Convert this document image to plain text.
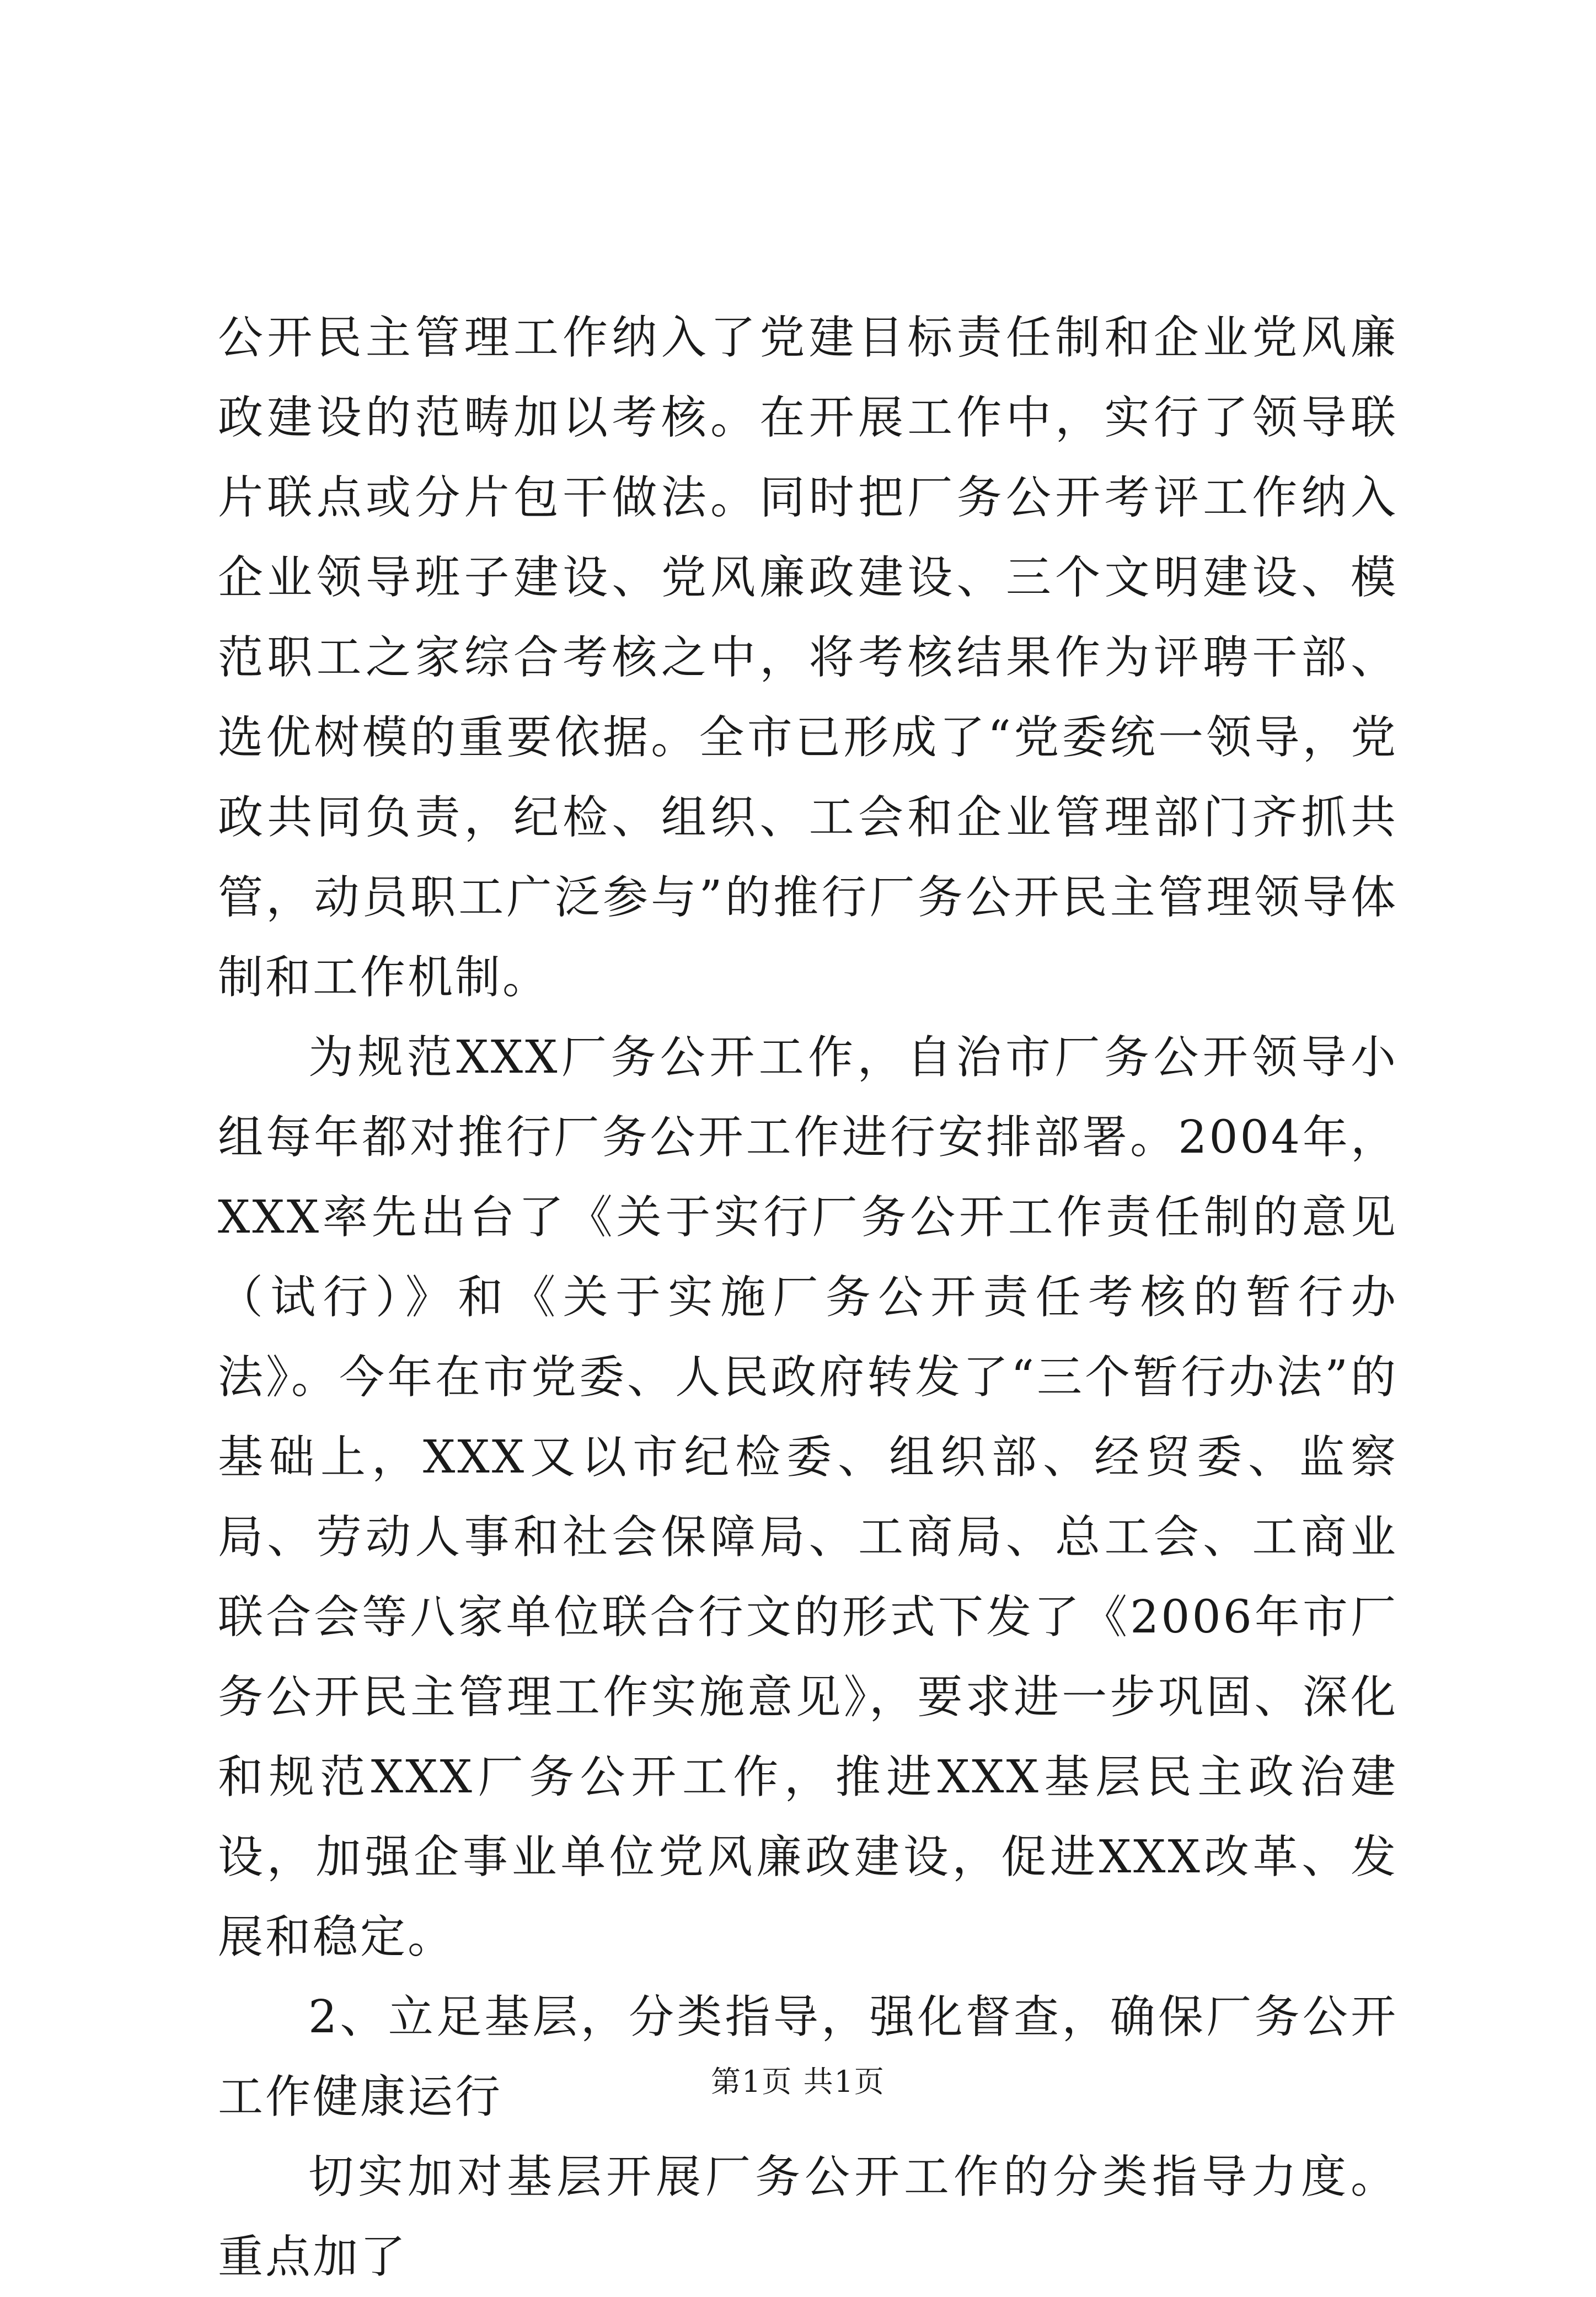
公开民主管理工作纳入了党建目标责任制和企业党风廉政建设的范畴加以考核。在开展工作中，实行了领导联片联点或分片包干做法。同时把厂务公开考评工作纳入企业领导班子建设、党风廉政建设、三个文明建设、模范职工之家综合考核之中，将考核结果作为评聘干部、选优树模的重要依据。全市已形成了“党委统一领导，党政共同负责，纪检、组织、工会和企业管理部门齐抓共管，动员职工广泛参与”的推行厂务公开民主管理领导体制和工作机制。

为规范XXX厂务公开工作，自治市厂务公开领导小组每年都对推行厂务公开工作进行安排部署。2004年，XXX率先出台了《关于实行厂务公开工作责任制的意见（试行）》和《关于实施厂务公开责任考核的暂行办法》。今年在市党委、人民政府转发了“三个暂行办法”的基础上，XXX又以市纪检委、组织部、经贸委、监察局、劳动人事和社会保障局、工商局、总工会、工商业联合会等八家单位联合行文的形式下发了《2006年市厂务公开民主管理工作实施意见》，要求进一步巩固、深化和规范XXX厂务公开工作，推进XXX基层民主政治建设，加强企事业单位党风廉政建设，促进XXX改革、发展和稳定。

2、立足基层，分类指导，强化督查，确保厂务公开工作健康运行

切实加对基层开展厂务公开工作的分类指导力度。重点加了

第1页 共1页
